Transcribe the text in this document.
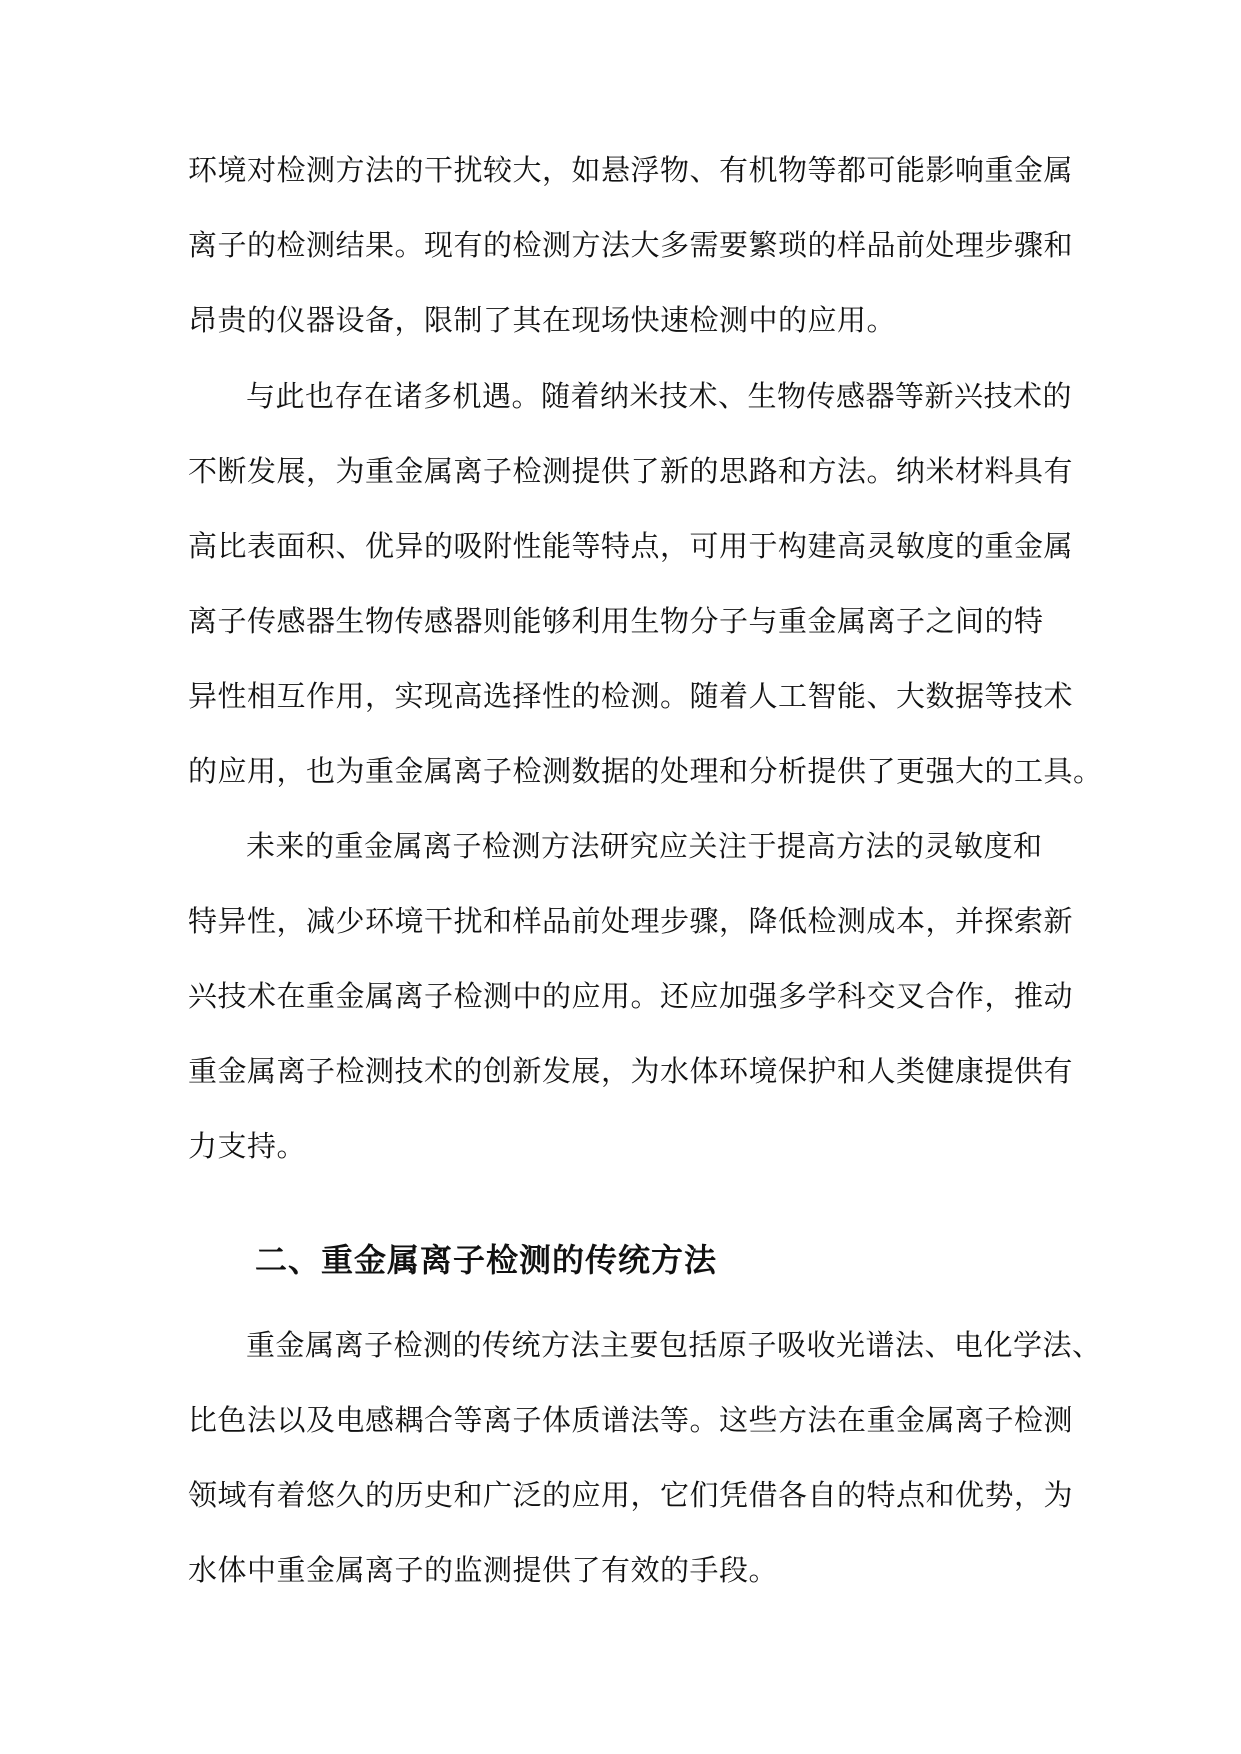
环境对检测方法的干扰较大，如悬浮物、有机物等都可能影响重金属
离子的检测结果。现有的检测方法大多需要繁琐的样品前处理步骤和
昂贵的仪器设备，限制了其在现场快速检测中的应用。
与此也存在诸多机遇。随着纳米技术、生物传感器等新兴技术的
不断发展，为重金属离子检测提供了新的思路和方法。纳米材料具有
高比表面积、优异的吸附性能等特点，可用于构建高灵敏度的重金属
离子传感器生物传感器则能够利用生物分子与重金属离子之间的特
异性相互作用，实现高选择性的检测。随着人工智能、大数据等技术
的应用，也为重金属离子检测数据的处理和分析提供了更强大的工具。
未来的重金属离子检测方法研究应关注于提高方法的灵敏度和
特异性，减少环境干扰和样品前处理步骤，降低检测成本，并探索新
兴技术在重金属离子检测中的应用。还应加强多学科交叉合作，推动
重金属离子检测技术的创新发展，为水体环境保护和人类健康提供有
力支持。
二、重金属离子检测的传统方法
重金属离子检测的传统方法主要包括原子吸收光谱法、电化学法、
比色法以及电感耦合等离子体质谱法等。这些方法在重金属离子检测
领域有着悠久的历史和广泛的应用，它们凭借各自的特点和优势，为
水体中重金属离子的监测提供了有效的手段。
